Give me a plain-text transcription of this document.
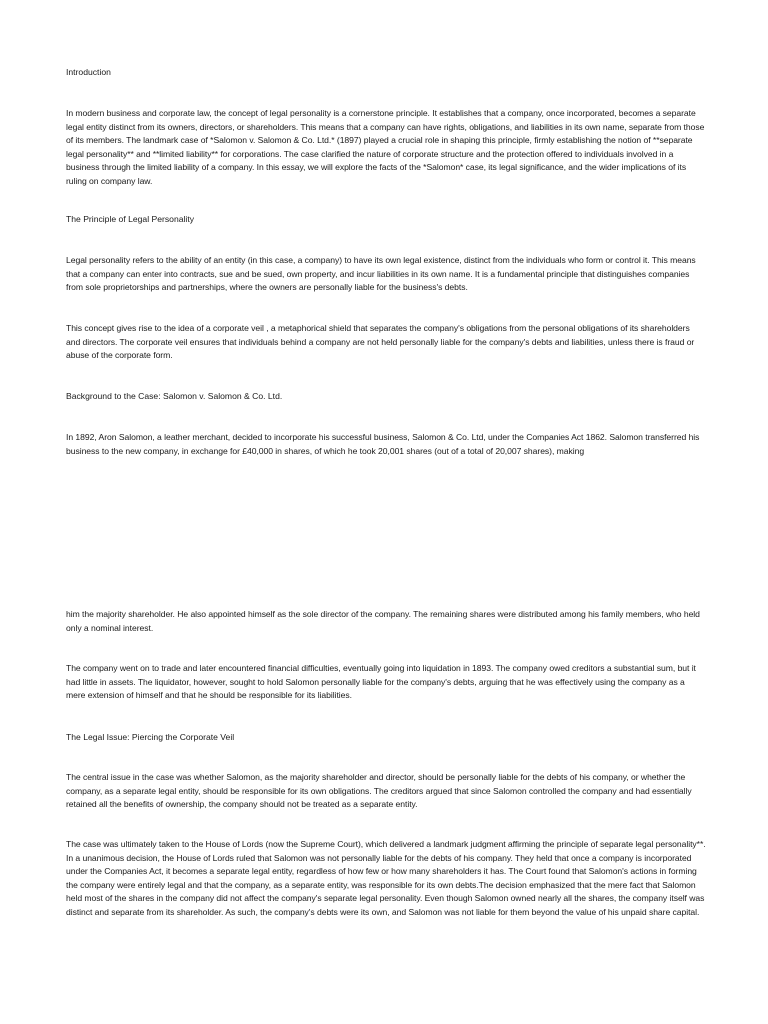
Introduction

In modern business and corporate law, the concept of legal personality is a cornerstone principle. It establishes that a company, once incorporated, becomes a separate legal entity distinct from its owners, directors, or shareholders. This means that a company can have rights, obligations, and liabilities in its own name, separate from those of its members. The landmark case of *Salomon v. Salomon & Co. Ltd.* (1897) played a crucial role in shaping this principle, firmly establishing the notion of **separate legal personality** and **limited liability** for corporations. The case clarified the nature of corporate structure and the protection offered to individuals involved in a business through the limited liability of a company. In this essay, we will explore the facts of the *Salomon* case, its legal significance, and the wider implications of its ruling on company law.

The Principle of Legal Personality

Legal personality refers to the ability of an entity (in this case, a company) to have its own legal existence, distinct from the individuals who form or control it. This means that a company can enter into contracts, sue and be sued, own property, and incur liabilities in its own name. It is a fundamental principle that distinguishes companies from sole proprietorships and partnerships, where the owners are personally liable for the business's debts.

This concept gives rise to the idea of a corporate veil , a metaphorical shield that separates the company's obligations from the personal obligations of its shareholders and directors. The corporate veil ensures that individuals behind a company are not held personally liable for the company's debts and liabilities, unless there is fraud or abuse of the corporate form.

Background to the Case: Salomon v. Salomon & Co. Ltd.

In 1892, Aron Salomon, a leather merchant, decided to incorporate his successful business, Salomon & Co. Ltd, under the Companies Act 1862. Salomon transferred his business to the new company, in exchange for £40,000 in shares, of which he took 20,001 shares (out of a total of 20,007 shares), making

him the majority shareholder. He also appointed himself as the sole director of the company. The remaining shares were distributed among his family members, who held only a nominal interest.

The company went on to trade and later encountered financial difficulties, eventually going into liquidation in 1893. The company owed creditors a substantial sum, but it had little in assets. The liquidator, however, sought to hold Salomon personally liable for the company's debts, arguing that he was effectively using the company as a mere extension of himself and that he should be responsible for its liabilities.

The Legal Issue: Piercing the Corporate Veil

The central issue in the case was whether Salomon, as the majority shareholder and director, should be personally liable for the debts of his company, or whether the company, as a separate legal entity, should be responsible for its own obligations. The creditors argued that since Salomon controlled the company and had essentially retained all the benefits of ownership, the company should not be treated as a separate entity.

The case was ultimately taken to the House of Lords (now the Supreme Court), which delivered a landmark judgment affirming the principle of separate legal personality**. In a unanimous decision, the House of Lords ruled that Salomon was not personally liable for the debts of his company. They held that once a company is incorporated under the Companies Act, it becomes a separate legal entity, regardless of how few or how many shareholders it has. The Court found that Salomon's actions in forming the company were entirely legal and that the company, as a separate entity, was responsible for its own debts.The decision emphasized that the mere fact that Salomon held most of the shares in the company did not affect the company's separate legal personality. Even though Salomon owned nearly all the shares, the company itself was distinct and separate from its shareholder. As such, the company's debts were its own, and Salomon was not liable for them beyond the value of his unpaid share capital.
